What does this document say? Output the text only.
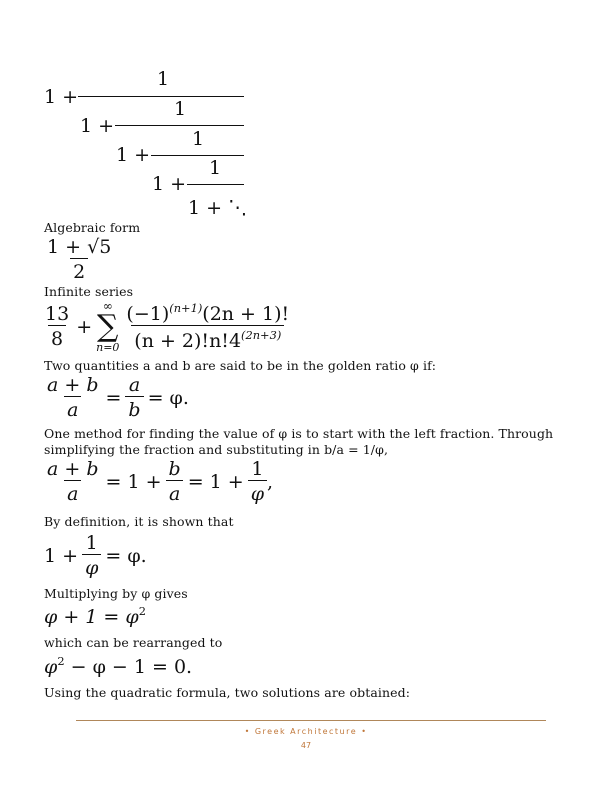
1 +
1
1 +
1
1 +
1
1 +
1
1 + ⋱
Algebraic form
$\frac{1 + √5}{2}$
Infinite series
$\frac{13}{8}$ +
∞
∑
$n=0 \frac{(-1)^{(n+1)}(2n + 1)!}{(n + 2)!n!4^{(2n+3)}}$
Two quantities a and b are said to be in the golden ratio φ if:
$\frac{a + b}{a} = \frac{a}{b} = \varphi$.
One method for finding the value of φ is to start with the left fraction. Through
simplifying the fraction and substituting in b/a = 1/φ,
$\frac{a + b}{a} = 1 + \frac{b}{a} = 1 + \frac{1}{\varphi}$ ,
By definition, it is shown that
$1 + \frac{1}{\varphi} = \varphi$.
Multiplying by φ gives
$\varphi + 1 = \varphi^2$
which can be rearranged to
$\varphi^2 - \varphi - 1 = 0$.
Using the quadratic formula, two solutions are obtained:
• Greek Architecture •
47
